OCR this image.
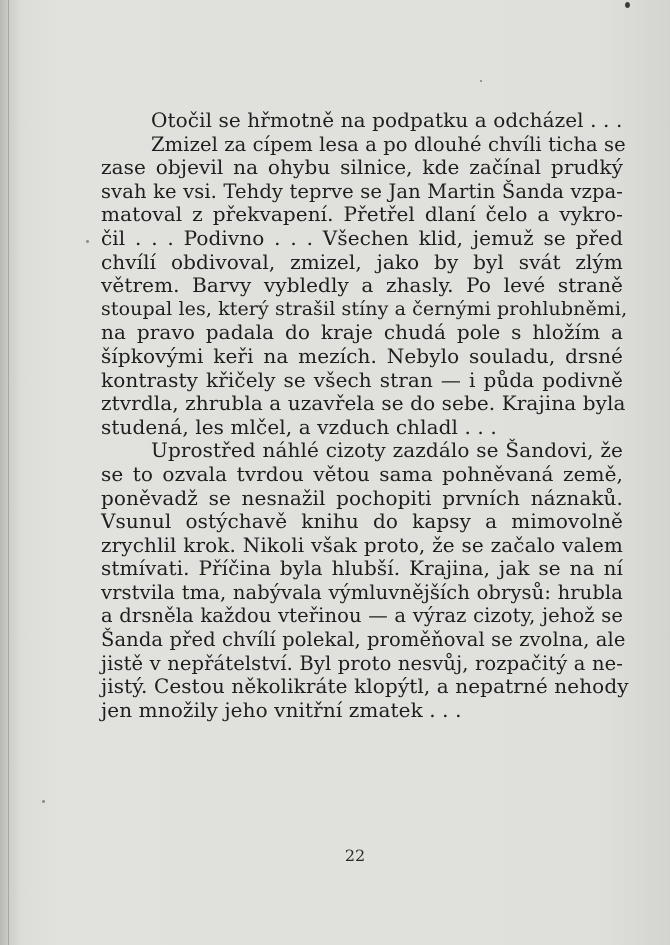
Otočil se hřmotně na podpatku a odcházel . . .
Zmizel za cípem lesa a po dlouhé chvíli ticha se
zase objevil na ohybu silnice, kde začínal prudký
svah ke vsi. Tehdy teprve se Jan Martin Šanda vzpa-
matoval z překvapení. Přetřel dlaní čelo a vykro-
čil . . . Podivno . . . Všechen klid, jemuž se před
chvílí obdivoval, zmizel, jako by byl svát zlým
větrem. Barvy vybledly a zhasly. Po levé straně
stoupal les, který strašil stíny a černými prohlubněmi,
na pravo padala do kraje chudá pole s hložím a
šípkovými keři na mezích. Nebylo souladu, drsné
kontrasty křičely se všech stran — i půda podivně
ztvrdla, zhrubla a uzavřela se do sebe. Krajina byla
studená, les mlčel, a vzduch chladl . . .
Uprostřed náhlé cizoty zazdálo se Šandovi, že
se to ozvala tvrdou větou sama pohněvaná země,
poněvadž se nesnažil pochopiti prvních náznaků.
Vsunul ostýchavě knihu do kapsy a mimovolně
zrychlil krok. Nikoli však proto, že se začalo valem
stmívati. Příčina byla hlubší. Krajina, jak se na ní
vrstvila tma, nabývala výmluvnějších obrysů: hrubla
a drsněla každou vteřinou — a výraz cizoty, jehož se
Šanda před chvílí polekal, proměňoval se zvolna, ale
jistě v nepřátelství. Byl proto nesvůj, rozpačitý a ne-
jistý. Cestou několikráte klopýtl, a nepatrné nehody
jen množily jeho vnitřní zmatek . . .
22
